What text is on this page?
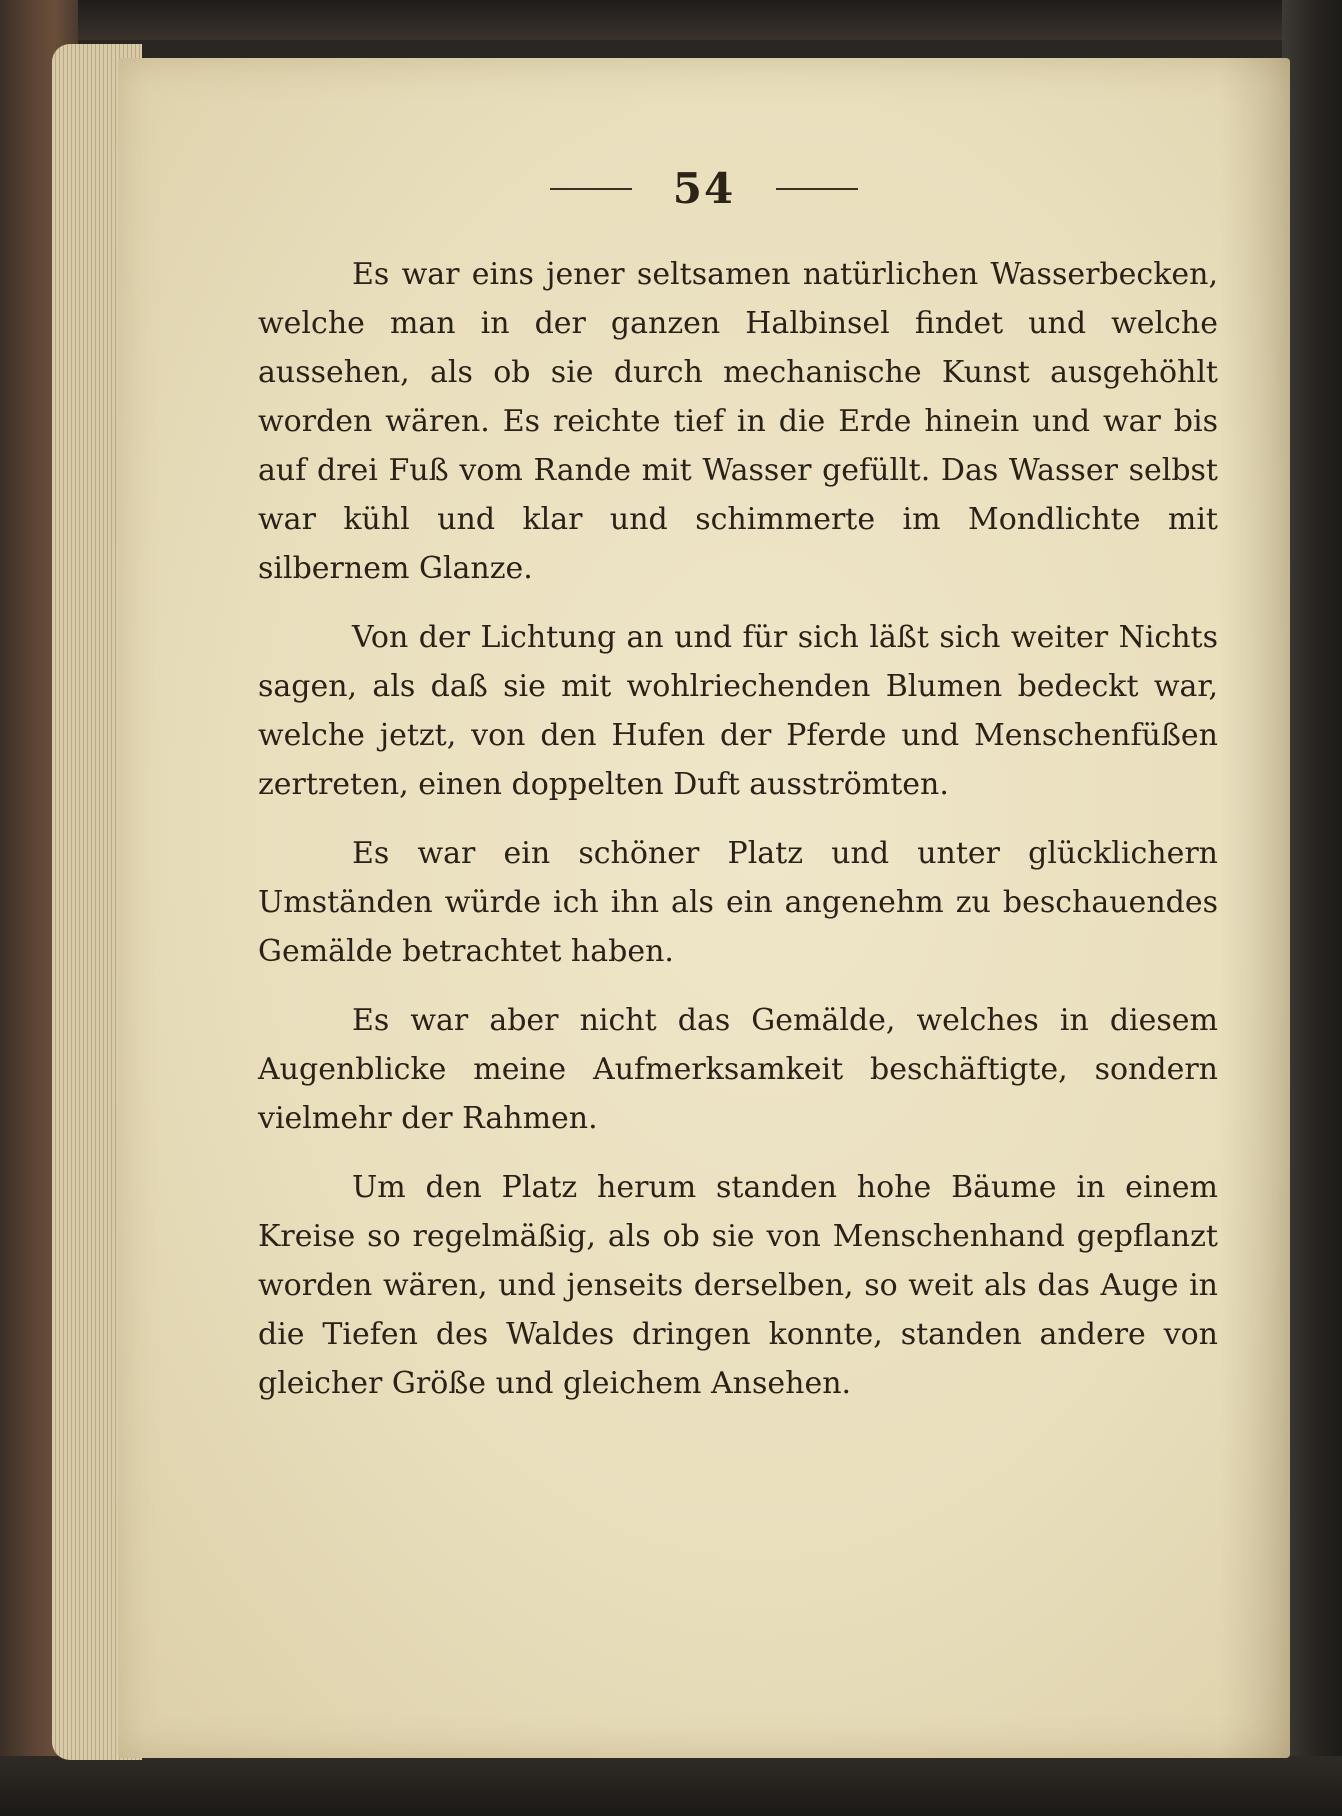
54

Es war eins jener seltsamen natürlichen Wasserbecken, welche man in der ganzen Halbinsel findet und welche aussehen, als ob sie durch mechanische Kunst ausgehöhlt worden wären. Es reichte tief in die Erde hinein und war bis auf drei Fuß vom Rande mit Wasser gefüllt. Das Wasser selbst war kühl und klar und schimmerte im Mondlichte mit silbernem Glanze.

Von der Lichtung an und für sich läßt sich weiter Nichts sagen, als daß sie mit wohlriechenden Blumen bedeckt war, welche jetzt, von den Hufen der Pferde und Menschenfüßen zertreten, einen doppelten Duft ausströmten.

Es war ein schöner Platz und unter glücklichern Umständen würde ich ihn als ein angenehm zu beschauendes Gemälde betrachtet haben.

Es war aber nicht das Gemälde, welches in diesem Augenblicke meine Aufmerksamkeit beschäftigte, sondern vielmehr der Rahmen.

Um den Platz herum standen hohe Bäume in einem Kreise so regelmäßig, als ob sie von Menschenhand gepflanzt worden wären, und jenseits derselben, so weit als das Auge in die Tiefen des Waldes dringen konnte, standen andere von gleicher Größe und gleichem Ansehen.
